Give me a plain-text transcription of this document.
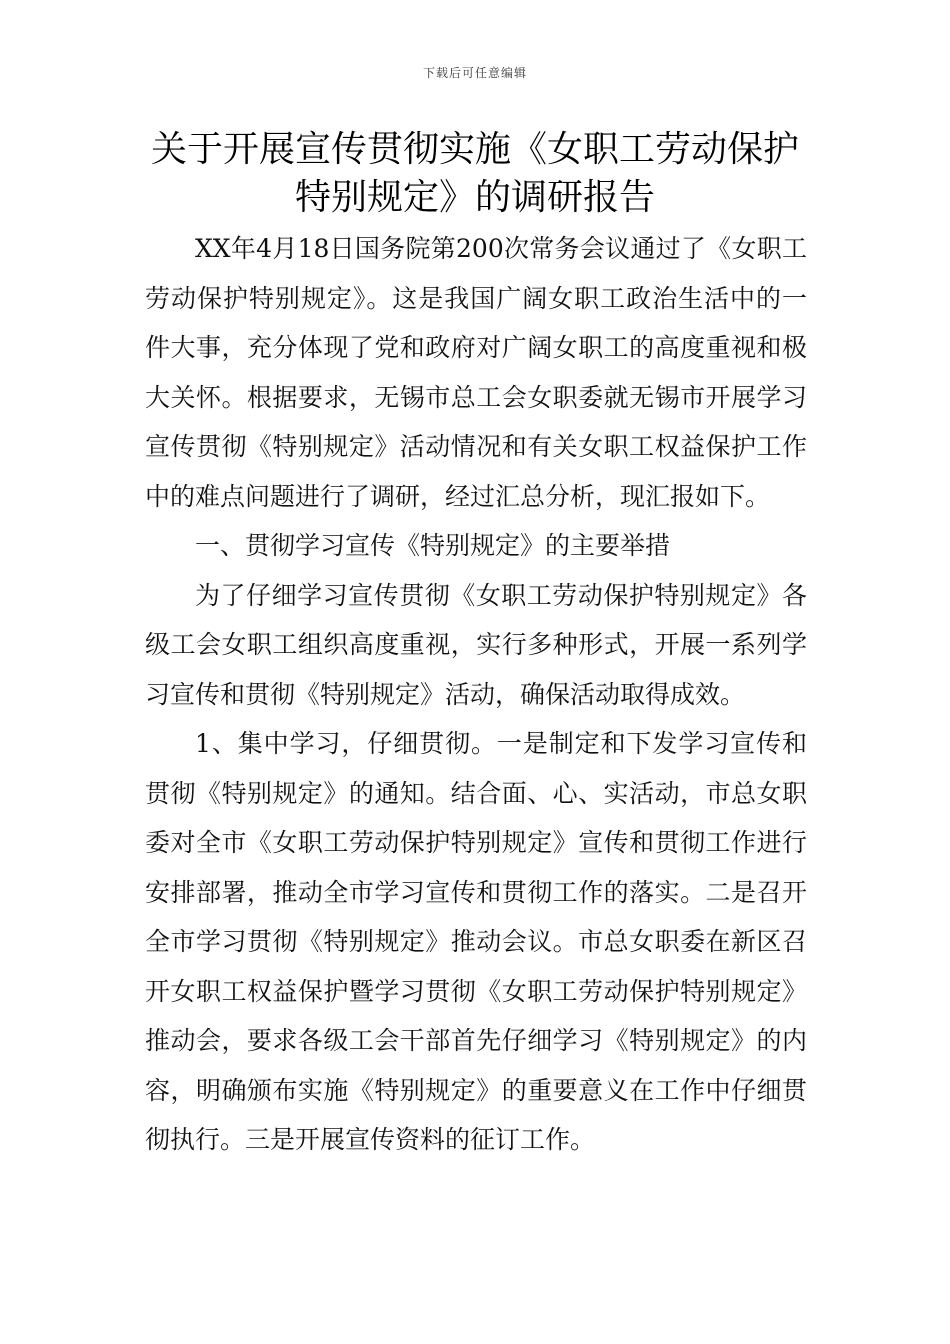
下载后可任意编辑
关于开展宣传贯彻实施《女职工劳动保护特别规定》的调研报告

XX年4月18日国务院第200次常务会议通过了《女职工劳动保护特别规定》。这是我国广阔女职工政治生活中的一件大事，充分体现了党和政府对广阔女职工的高度重视和极大关怀。根据要求，无锡市总工会女职委就无锡市开展学习宣传贯彻《特别规定》活动情况和有关女职工权益保护工作中的难点问题进行了调研，经过汇总分析，现汇报如下。

一、贯彻学习宣传《特别规定》的主要举措

为了仔细学习宣传贯彻《女职工劳动保护特别规定》各级工会女职工组织高度重视，实行多种形式，开展一系列学习宣传和贯彻《特别规定》活动，确保活动取得成效。

1、集中学习，仔细贯彻。一是制定和下发学习宣传和贯彻《特别规定》的通知。结合面、心、实活动，市总女职委对全市《女职工劳动保护特别规定》宣传和贯彻工作进行安排部署，推动全市学习宣传和贯彻工作的落实。二是召开全市学习贯彻《特别规定》推动会议。市总女职委在新区召开女职工权益保护暨学习贯彻《女职工劳动保护特别规定》推动会，要求各级工会干部首先仔细学习《特别规定》的内容，明确颁布实施《特别规定》的重要意义在工作中仔细贯彻执行。三是开展宣传资料的征订工作。
